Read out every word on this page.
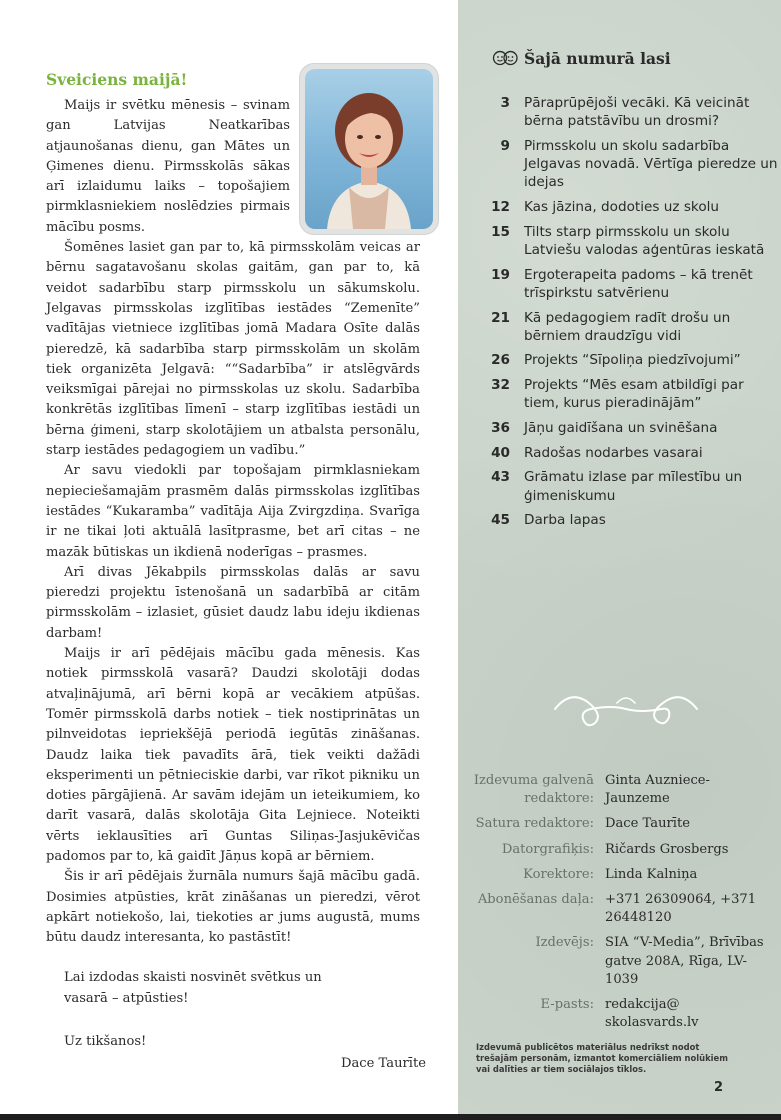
Sveiciens maijā!

Maijs ir svētku mēnesis – svinam gan Latvijas Neatkarības atjaunošanas dienu, gan Mātes un Ģimenes dienu. Pirmsskolās sākas arī izlaidumu laiks – topošajiem pirmklasniekiem noslēdzies pirmais mācību posms.

Šomēnes lasiet gan par to, kā pirmsskolām veicas ar bērnu sagatavošanu skolas gaitām, gan par to, kā veidot sadarbību starp pirmsskolu un sākumskolu. Jelgavas pirmsskolas izglītības iestādes “Zemenīte” vadītājas vietniece izglītības jomā Madara Osīte dalās pieredzē, kā sadarbība starp pirmsskolām un skolām tiek organizēta Jelgavā: ““Sadarbība” ir atslēgvārds veiksmīgai pārejai no pirmsskolas uz skolu. Sadarbība konkrētās izglītības līmenī – starp izglītības iestādi un bērna ģimeni, starp skolotājiem un atbalsta personālu, starp iestādes pedagogiem un vadību.”

Ar savu viedokli par topošajam pirmklasniekam nepieciešamajām prasmēm dalās pirmsskolas izglītības iestādes “Kukaramba” vadītāja Aija Zvirgzdiņa. Svarīga ir ne tikai ļoti aktuālā lasītprasme, bet arī citas – ne mazāk būtiskas un ikdienā noderīgas – prasmes.

Arī divas Jēkabpils pirmsskolas dalās ar savu pieredzi projektu īstenošanā un sadarbībā ar citām pirmsskolām – izlasiet, gūsiet daudz labu ideju ikdienas darbam!

Maijs ir arī pēdējais mācību gada mēnesis. Kas notiek pirmsskolā vasarā? Daudzi skolotāji dodas atvaļinājumā, arī bērni kopā ar vecākiem atpūšas. Tomēr pirmsskolā darbs notiek – tiek nostiprinātas un pilnveidotas iepriekšējā periodā iegūtās zināšanas. Daudz laika tiek pavadīts ārā, tiek veikti dažādi eksperimenti un pētnieciskie darbi, var rīkot pikniku un doties pārgājienā. Ar savām idejām un ieteikumiem, ko darīt vasarā, dalās skolotāja Gita Lejniece. Noteikti vērts ieklausīties arī Guntas Siliņas-Jasjukēvičas padomos par to, kā gaidīt Jāņus kopā ar bērniem.

Šis ir arī pēdējais žurnāla numurs šajā mācību gadā. Dosimies atpūsties, krāt zināšanas un pieredzi, vērot apkārt notiekošo, lai, tiekoties ar jums augustā, mums būtu daudz interesanta, ko pastāstīt!

Lai izdodas skaisti nosvinēt svētkus un vasarā – atpūsties!

Uz tikšanos!

Dace Taurīte

Šajā numurā lasi
3 Pāraprūpējoši vecāki. Kā veicināt bērna patstāvību un drosmi?
9 Pirmsskolu un skolu sadarbība Jelgavas novadā. Vērtīga pieredze un idejas
12 Kas jāzina, dodoties uz skolu
15 Tilts starp pirmsskolu un skolu Latviešu valodas aģentūras ieskatā
19 Ergoterapeita padoms – kā trenēt trīspirkstu satvērienu
21 Kā pedagogiem radīt drošu un bērniem draudzīgu vidi
26 Projekts “Sīpoliņa piedzīvojumi”
32 Projekts “Mēs esam atbildīgi par tiem, kurus pieradinājām”
36 Jāņu gaidīšana un svinēšana
40 Radošas nodarbes vasarai
43 Grāmatu izlase par mīlestību un ģimeniskumu
45 Darba lapas
Izdevuma galvenā redaktore:
Ginta Auzniece-Jaunzeme
Satura redaktore: Dace Taurīte
Datorgrafiķis: Ričards Grosbergs
Korektore: Linda Kalniņa
Abonēšanas daļa: +371 26309064, +371 26448120
Izdevējs: SIA “V-Media”, Brīvības gatve 208A, Rīga, LV-1039
E-pasts: redakcija@ skolasvards.lv

Izdevumā publicētos materiālus nedrīkst nodot trešajām personām, izmantot komerciāliem nolūkiem vai dalīties ar tiem sociālajos tīklos.

2
